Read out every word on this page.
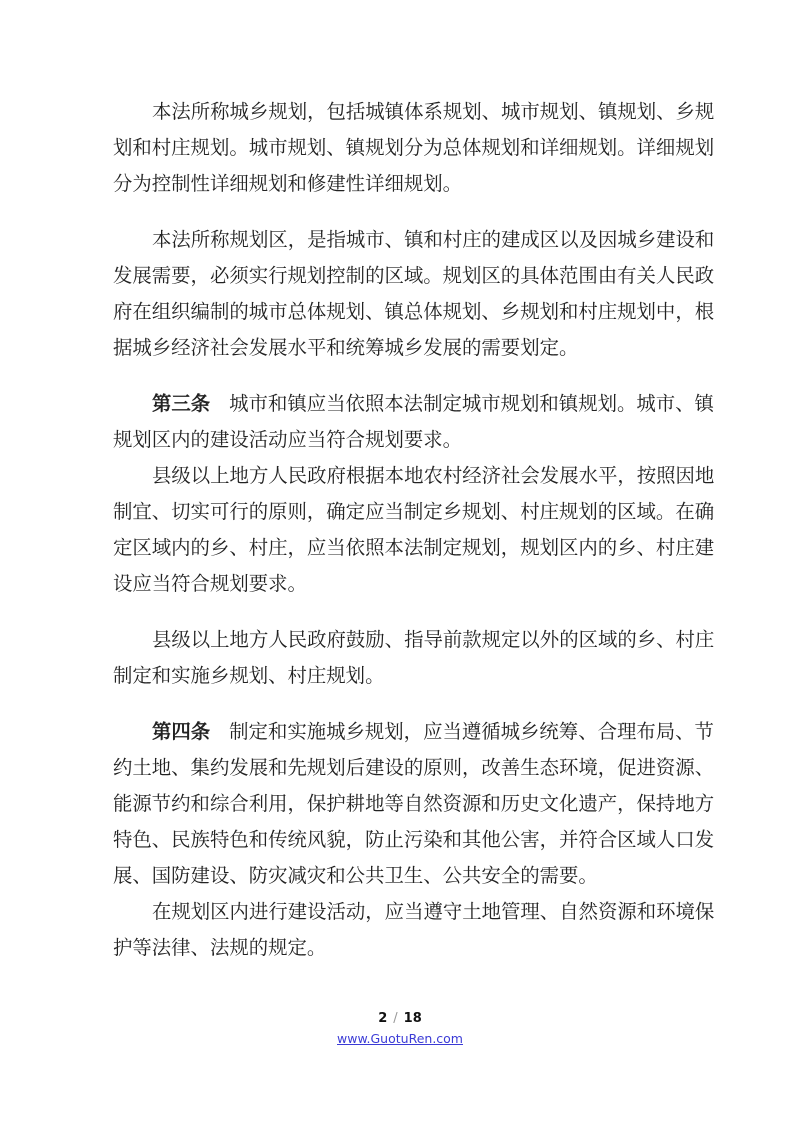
本法所称城乡规划，包括城镇体系规划、城市规划、镇规划、乡规
划和村庄规划。城市规划、镇规划分为总体规划和详细规划。详细规划
分为控制性详细规划和修建性详细规划。
本法所称规划区，是指城市、镇和村庄的建成区以及因城乡建设和
发展需要，必须实行规划控制的区域。规划区的具体范围由有关人民政
府在组织编制的城市总体规划、镇总体规划、乡规划和村庄规划中，根
据城乡经济社会发展水平和统筹城乡发展的需要划定。
第三条 城市和镇应当依照本法制定城市规划和镇规划。城市、镇
规划区内的建设活动应当符合规划要求。
县级以上地方人民政府根据本地农村经济社会发展水平，按照因地
制宜、切实可行的原则，确定应当制定乡规划、村庄规划的区域。在确
定区域内的乡、村庄，应当依照本法制定规划，规划区内的乡、村庄建
设应当符合规划要求。
县级以上地方人民政府鼓励、指导前款规定以外的区域的乡、村庄
制定和实施乡规划、村庄规划。
第四条 制定和实施城乡规划，应当遵循城乡统筹、合理布局、节
约土地、集约发展和先规划后建设的原则，改善生态环境，促进资源、
能源节约和综合利用，保护耕地等自然资源和历史文化遗产，保持地方
特色、民族特色和传统风貌，防止污染和其他公害，并符合区域人口发
展、国防建设、防灾减灾和公共卫生、公共安全的需要。
在规划区内进行建设活动，应当遵守土地管理、自然资源和环境保
护等法律、法规的规定。
2 / 18
www.GuotuRen.com
